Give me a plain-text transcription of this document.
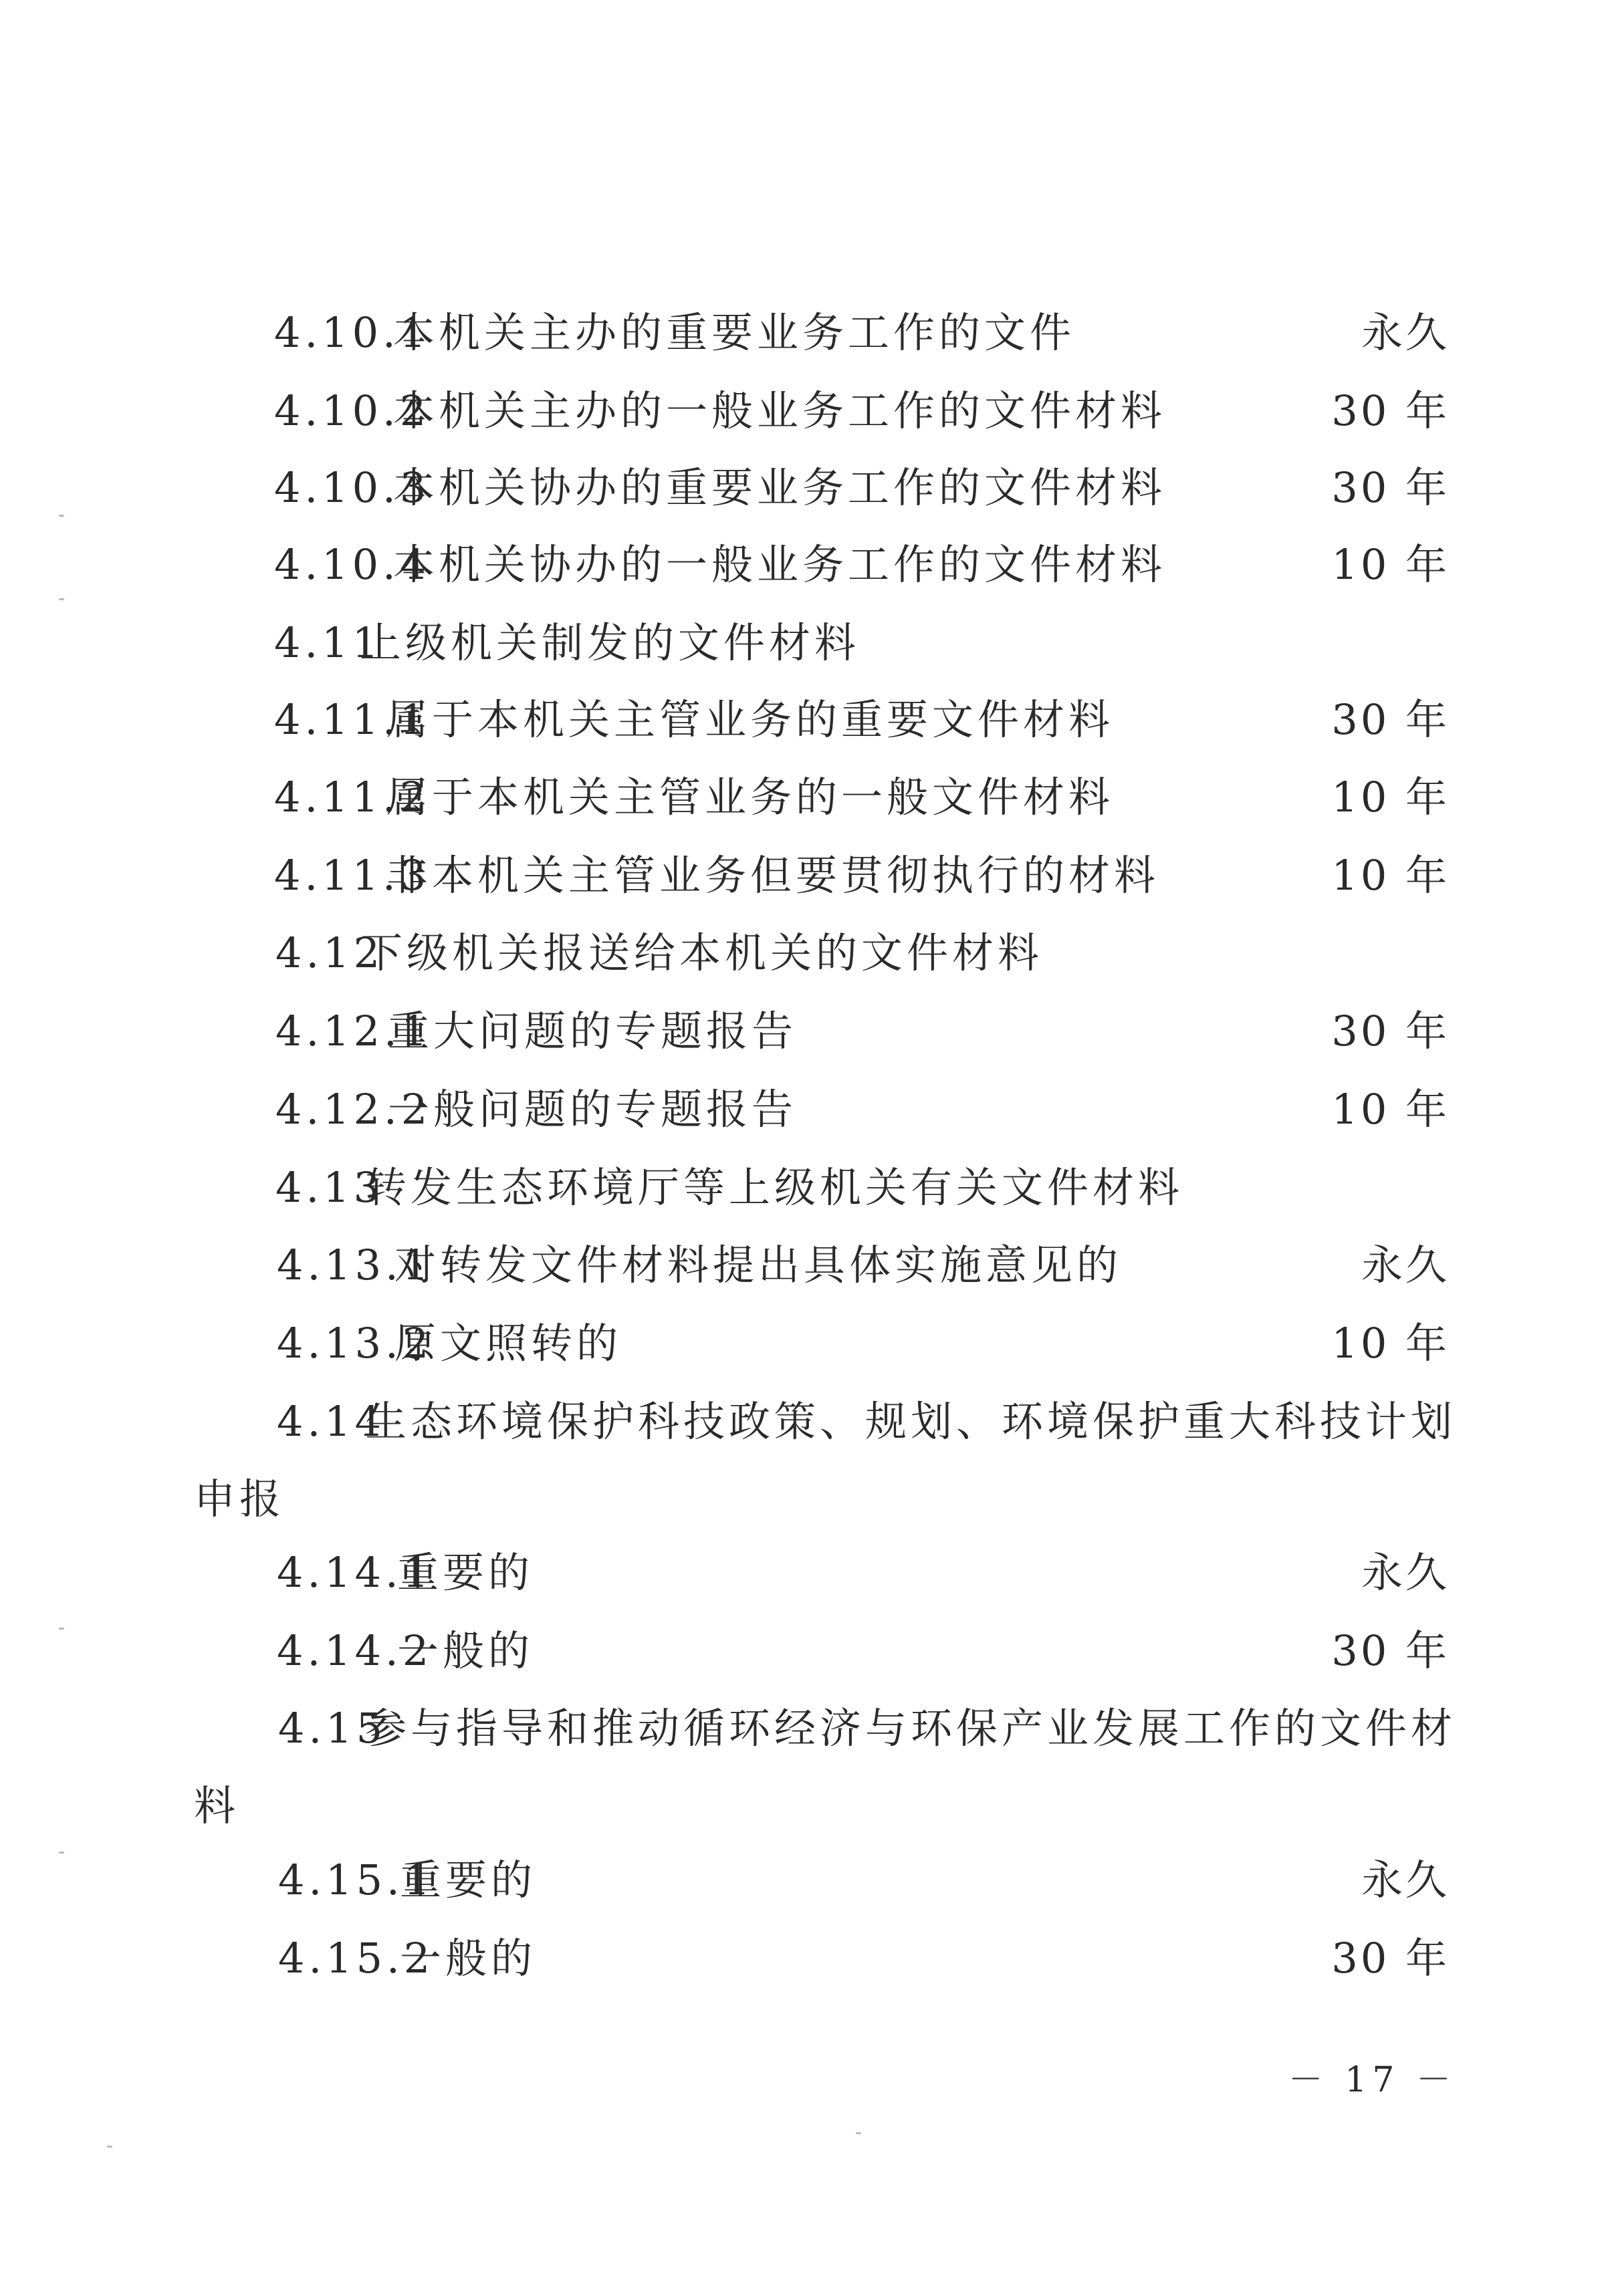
4.10.1
本机关主办的重要业务工作的文件	永久
4.10.2
本机关主办的一般业务工作的文件材料	30 年
4.10.3
本机关协办的重要业务工作的文件材料	30 年
4.10.4
本机关协办的一般业务工作的文件材料	10 年
4.11
上级机关制发的文件材料
4.11.1
属于本机关主管业务的重要文件材料	30 年
4.11.2
属于本机关主管业务的一般文件材料	10 年
4.11.3
非本机关主管业务但要贯彻执行的材料	10 年
4.12
下级机关报送给本机关的文件材料
4.12.1
重大问题的专题报告	30 年
4.12.2
一般问题的专题报告	10 年
4.13
转发生态环境厅等上级机关有关文件材料
4.13.1
对转发文件材料提出具体实施意见的	永久
4.13.2
原文照转的	10 年
4.14
生态环境保护科技政策、规划、环境保护重大科技计划
申报
4.14.1
重要的	永久
4.14.2
一般的	30 年
4.15
参与指导和推动循环经济与环保产业发展工作的文件材
料
4.15.1
重要的	永久
4.15.2
一般的	30 年
－ 17 －
